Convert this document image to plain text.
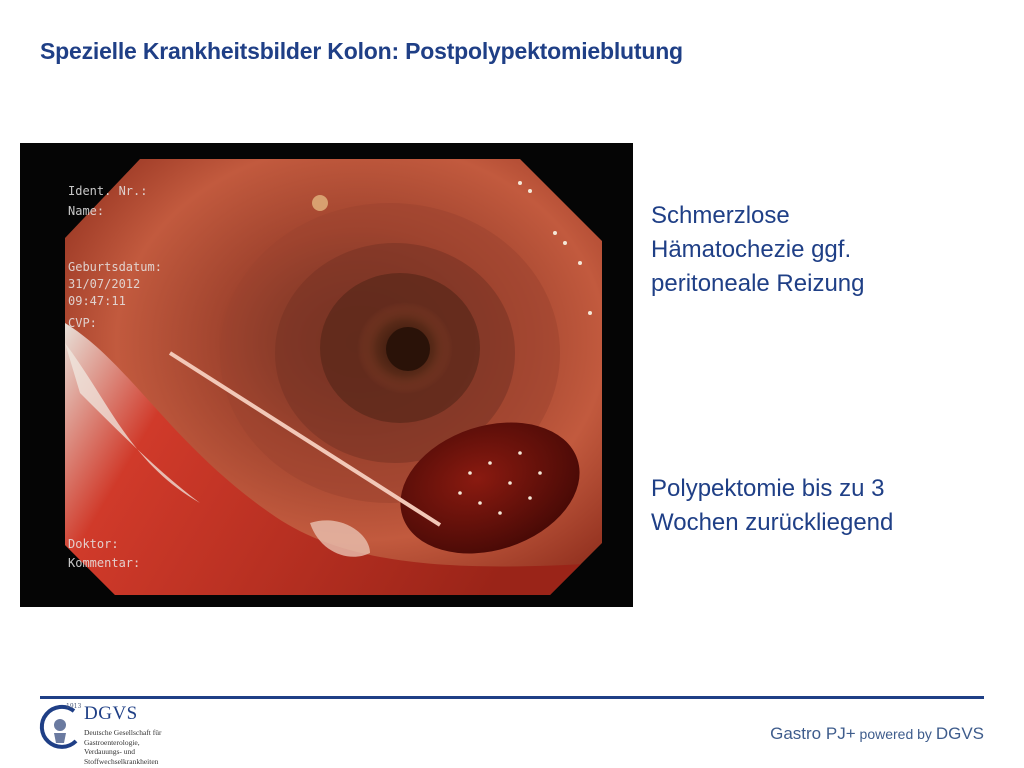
Spezielle Krankheitsbilder Kolon: Postpolypektomieblutung
Ident. Nr.:
Name:
Geburtsdatum:
31/07/2012
09:47:11
CVP:
Kommentar:
Doktor:
Schmerzlose
Hämatochezie ggf.
peritoneale Reizung
Polypektomie bis zu 3
Wochen zurückliegend
1913 DGVS
Deutsche Gesellschaft für
Gastroenterologie,
Verdauungs- und
Stoffwechselkrankheiten
Gastro PJ+ powered by DGVS
